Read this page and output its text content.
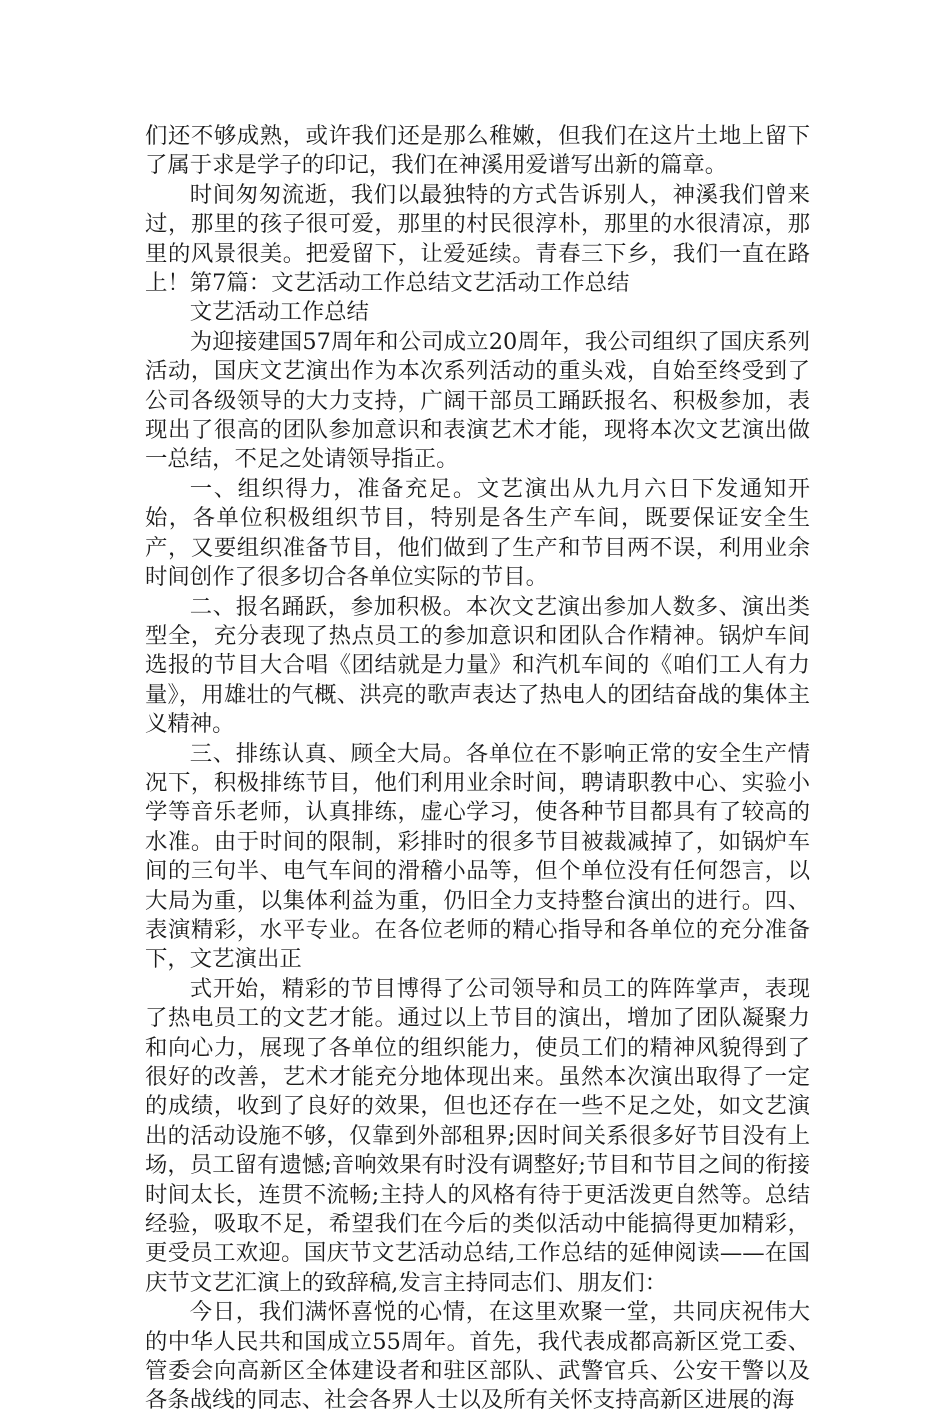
们还不够成熟，或许我们还是那么稚嫩，但我们在这片土地上留下了属于求是学子的印记，我们在神溪用爱谱写出新的篇章。

时间匆匆流逝，我们以最独特的方式告诉别人，神溪我们曾来过，那里的孩子很可爱，那里的村民很淳朴，那里的水很清凉，那里的风景很美。把爱留下，让爱延续。青春三下乡，我们一直在路上！第7篇：文艺活动工作总结文艺活动工作总结

文艺活动工作总结

为迎接建国57周年和公司成立20周年，我公司组织了国庆系列活动，国庆文艺演出作为本次系列活动的重头戏，自始至终受到了公司各级领导的大力支持，广阔干部员工踊跃报名、积极参加，表现出了很高的团队参加意识和表演艺术才能，现将本次文艺演出做一总结，不足之处请领导指正。

一、组织得力，准备充足。文艺演出从九月六日下发通知开始，各单位积极组织节目，特别是各生产车间，既要保证安全生产，又要组织准备节目，他们做到了生产和节目两不误，利用业余时间创作了很多切合各单位实际的节目。

二、报名踊跃，参加积极。本次文艺演出参加人数多、演出类型全，充分表现了热点员工的参加意识和团队合作精神。锅炉车间选报的节目大合唱《团结就是力量》和汽机车间的《咱们工人有力量》，用雄壮的气概、洪亮的歌声表达了热电人的团结奋战的集体主义精神。

三、排练认真、顾全大局。各单位在不影响正常的安全生产情况下，积极排练节目，他们利用业余时间，聘请职教中心、实验小学等音乐老师，认真排练，虚心学习，使各种节目都具有了较高的水准。由于时间的限制，彩排时的很多节目被裁减掉了，如锅炉车间的三句半、电气车间的滑稽小品等，但个单位没有任何怨言，以大局为重，以集体利益为重，仍旧全力支持整台演出的进行。四、表演精彩，水平专业。在各位老师的精心指导和各单位的充分准备下，文艺演出正

式开始，精彩的节目博得了公司领导和员工的阵阵掌声，表现了热电员工的文艺才能。通过以上节目的演出，增加了团队凝聚力和向心力，展现了各单位的组织能力，使员工们的精神风貌得到了很好的改善，艺术才能充分地体现出来。虽然本次演出取得了一定的成绩，收到了良好的效果，但也还存在一些不足之处，如文艺演出的活动设施不够，仅靠到外部租界;因时间关系很多好节目没有上场，员工留有遗憾;音响效果有时没有调整好;节目和节目之间的衔接时间太长，连贯不流畅;主持人的风格有待于更活泼更自然等。总结经验，吸取不足，希望我们在今后的类似活动中能搞得更加精彩，更受员工欢迎。国庆节文艺活动总结,工作总结的延伸阅读——在国庆节文艺汇演上的致辞稿,发言主持同志们、朋友们：

今日，我们满怀喜悦的心情，在这里欢聚一堂，共同庆祝伟大的中华人民共和国成立55周年。首先，我代表成都高新区党工委、管委会向高新区全体建设者和驻区部队、武警官兵、公安干警以及各条战线的同志、社会各界人士以及所有关怀支持高新区进展的海
